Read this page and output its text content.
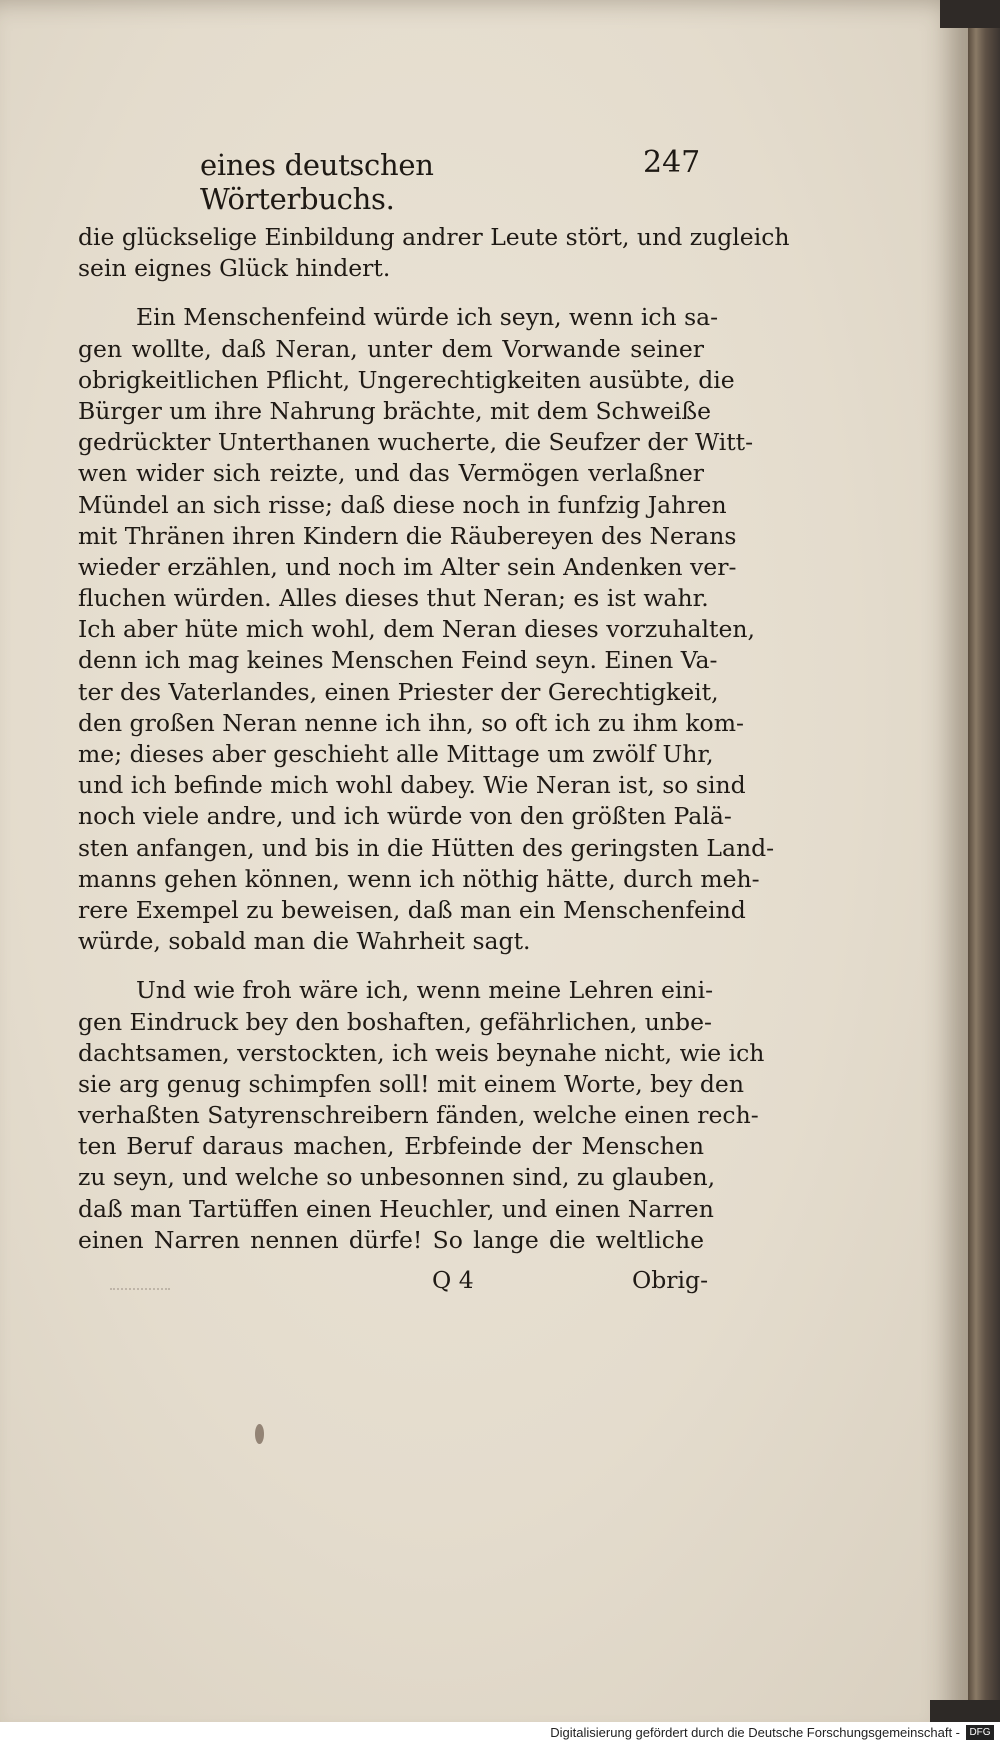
eines deutschen Wörterbuchs.
247
die glückselige Einbildung andrer Leute stört, und zugleich
sein eignes Glück hindert.
Ein Menschenfeind würde ich seyn, wenn ich sa-
gen wollte, daß Neran, unter dem Vorwande seiner
obrigkeitlichen Pflicht, Ungerechtigkeiten ausübte, die
Bürger um ihre Nahrung brächte, mit dem Schweiße
gedrückter Unterthanen wucherte, die Seufzer der Witt-
wen wider sich reizte, und das Vermögen verlaßner
Mündel an sich risse; daß diese noch in funfzig Jahren
mit Thränen ihren Kindern die Räubereyen des Nerans
wieder erzählen, und noch im Alter sein Andenken ver-
fluchen würden. Alles dieses thut Neran; es ist wahr.
Ich aber hüte mich wohl, dem Neran dieses vorzuhalten,
denn ich mag keines Menschen Feind seyn. Einen Va-
ter des Vaterlandes, einen Priester der Gerechtigkeit,
den großen Neran nenne ich ihn, so oft ich zu ihm kom-
me; dieses aber geschieht alle Mittage um zwölf Uhr,
und ich befinde mich wohl dabey. Wie Neran ist, so sind
noch viele andre, und ich würde von den größten Palä-
sten anfangen, und bis in die Hütten des geringsten Land-
manns gehen können, wenn ich nöthig hätte, durch meh-
rere Exempel zu beweisen, daß man ein Menschenfeind
würde, sobald man die Wahrheit sagt.
Und wie froh wäre ich, wenn meine Lehren eini-
gen Eindruck bey den boshaften, gefährlichen, unbe-
dachtsamen, verstockten, ich weis beynahe nicht, wie ich
sie arg genug schimpfen soll! mit einem Worte, bey den
verhaßten Satyrenschreibern fänden, welche einen rech-
ten Beruf daraus machen, Erbfeinde der Menschen
zu seyn, und welche so unbesonnen sind, zu glauben,
daß man Tartüffen einen Heuchler, und einen Narren
einen Narren nennen dürfe! So lange die weltliche
Q 4	Obrig-
Digitalisierung gefördert durch die Deutsche Forschungsgemeinschaft - DFG
